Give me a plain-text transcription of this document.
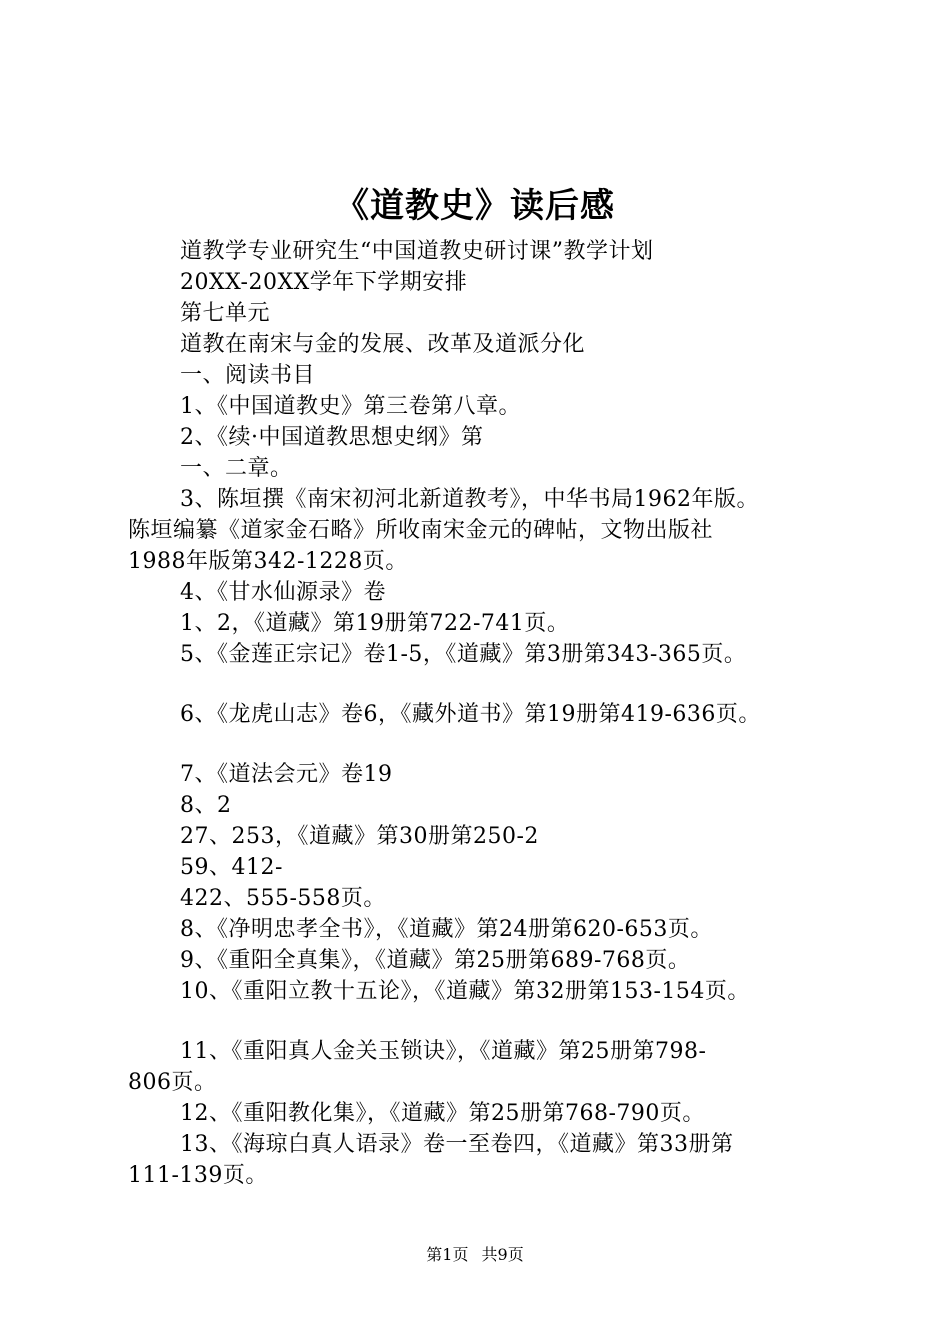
《道教史》读后感

道教学专业研究生“中国道教史研讨课”教学计划

20XX-20XX学年下学期安排

第七单元

道教在南宋与金的发展、改革及道派分化

一、阅读书目

1、《中国道教史》第三卷第八章。

2、《续·中国道教思想史纲》第

一、二章。

3、陈垣撰《南宋初河北新道教考》，中华书局1962年版。

陈垣编纂《道家金石略》所收南宋金元的碑帖，文物出版社

1988年版第342-1228页。

4、《甘水仙源录》卷

1、2，《道藏》第19册第722-741页。

5、《金莲正宗记》卷1-5，《道藏》第3册第343-365页。

6、《龙虎山志》卷6，《藏外道书》第19册第419-636页。

7、《道法会元》卷19

8、2

27、253，《道藏》第30册第250-2

59、412-

422、555-558页。

8、《净明忠孝全书》，《道藏》第24册第620-653页。

9、《重阳全真集》，《道藏》第25册第689-768页。

10、《重阳立教十五论》，《道藏》第32册第153-154页。

11、《重阳真人金关玉锁诀》，《道藏》第25册第798-

806页。

12、《重阳教化集》，《道藏》第25册第768-790页。

13、《海琼白真人语录》卷一至卷四，《道藏》第33册第

111-139页。

第1页 共9页
